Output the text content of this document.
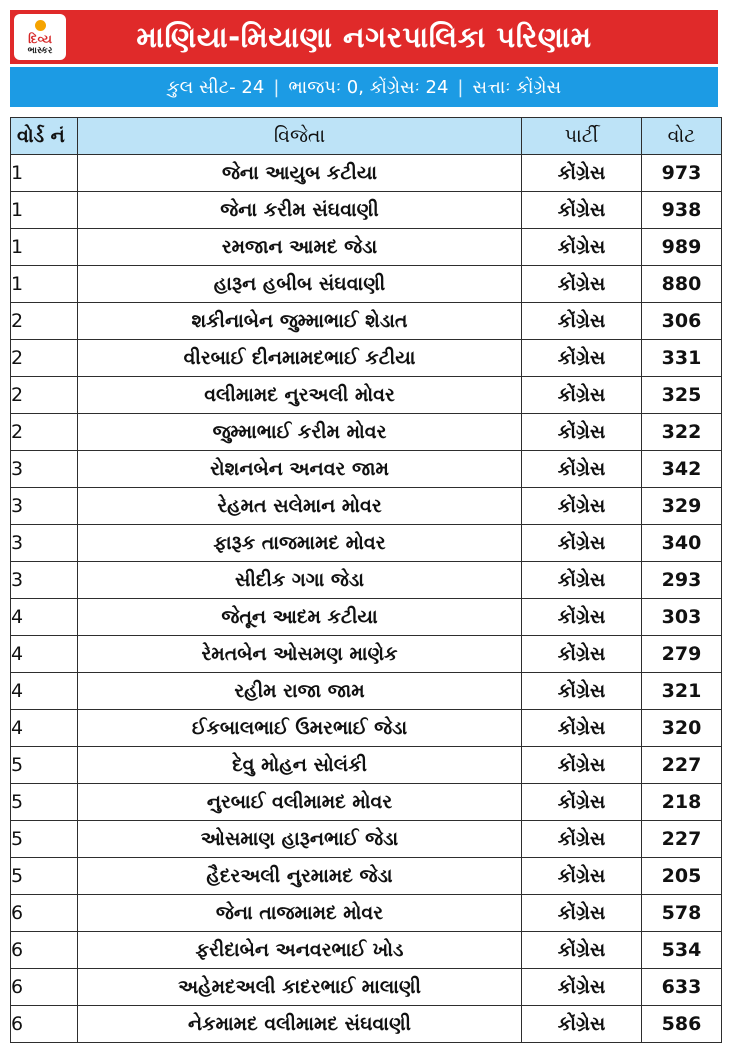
દિવ્ય
ભાસ્કર	માણિયા-મિયાણા નગરપાલિકા પરિણામ
કુલ સીટ- 24 | ભાજપઃ 0, કોંગ્રેસઃ 24 | સત્તાઃ કોંગ્રેસ
વોર્ડ નં	વિજેતા	પાર્ટી	વોટ
1	જેના આયુબ કટીયા	કોંગ્રેસ	973
1	જેના કરીમ સંઘવાણી	કોંગ્રેસ	938
1	રમજાન આમદ જેડા	કોંગ્રેસ	989
1	હારૂન હબીબ સંઘવાણી	કોંગ્રેસ	880
2	શકીનાબેન જુમ્માભાઈ શેડાત	કોંગ્રેસ	306
2	વીરબાઈ દીનમામદભાઈ કટીયા	કોંગ્રેસ	331
2	વલીમામદ નુરઅલી મોવર	કોંગ્રેસ	325
2	જુમ્માભાઈ કરીમ મોવર	કોંગ્રેસ	322
3	રોશનબેન અનવર જામ	કોંગ્રેસ	342
3	રેહમત સલેમાન મોવર	કોંગ્રેસ	329
3	ફારૂક તાજમામદ મોવર	કોંગ્રેસ	340
3	સીદીક ગગા જેડા	કોંગ્રેસ	293
4	જેતૂન આદમ કટીયા	કોંગ્રેસ	303
4	રેમતબેન ઓસમણ માણેક	કોંગ્રેસ	279
4	રહીમ રાજા જામ	કોંગ્રેસ	321
4	ઈકબાલભાઈ ઉમરભાઈ જેડા	કોંગ્રેસ	320
5	દેવુ મોહન સોલંકી	કોંગ્રેસ	227
5	નુરબાઈ વલીમામદ મોવર	કોંગ્રેસ	218
5	ઓસમાણ હારૂનભાઈ જેડા	કોંગ્રેસ	227
5	હૈદરઅલી નુરમામદ જેડા	કોંગ્રેસ	205
6	જેના તાજમામદ મોવર	કોંગ્રેસ	578
6	ફરીદાબેન અનવરભાઈ ખોડ	કોંગ્રેસ	534
6	અહેમદઅલી કાદરભાઈ માલાણી	કોંગ્રેસ	633
6	નેકમામદ વલીમામદ સંઘવાણી	કોંગ્રેસ	586
